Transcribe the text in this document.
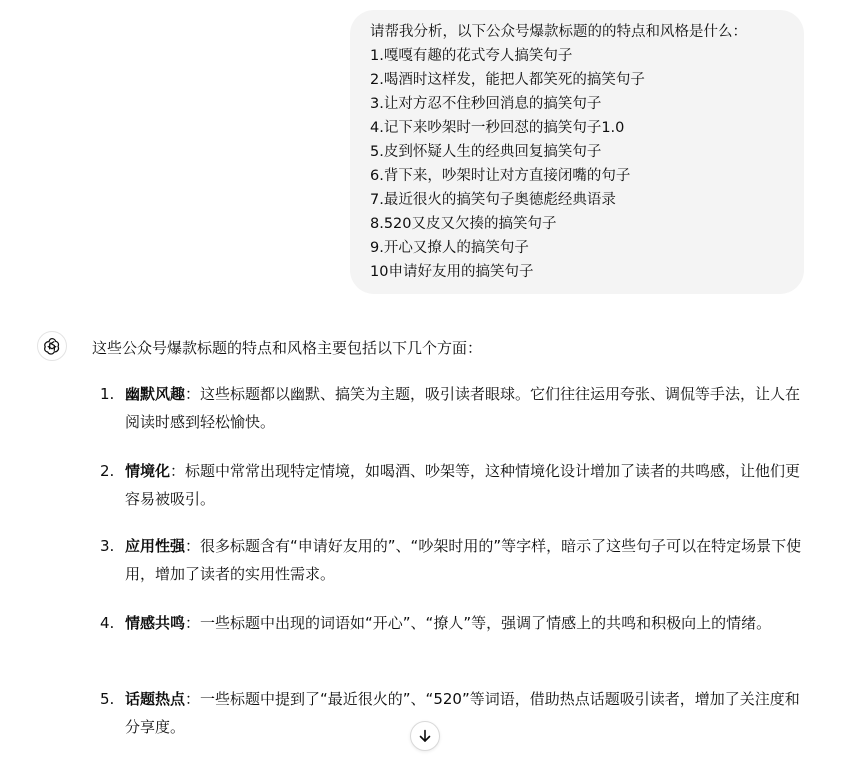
请帮我分析，以下公众号爆款标题的的特点和风格是什么：
1.嘎嘎有趣的花式夸人搞笑句子
2.喝酒时这样发，能把人都笑死的搞笑句子
3.让对方忍不住秒回消息的搞笑句子
4.记下来吵架时一秒回怼的搞笑句子1.0
5.皮到怀疑人生的经典回复搞笑句子
6.背下来，吵架时让对方直接闭嘴的句子
7.最近很火的搞笑句子奥德彪经典语录
8.520又皮又欠揍的搞笑句子
9.开心又撩人的搞笑句子
10申请好友用的搞笑句子
这些公众号爆款标题的特点和风格主要包括以下几个方面：
1. 幽默风趣：这些标题都以幽默、搞笑为主题，吸引读者眼球。它们往往运用夸张、调侃等手法，让人在阅读时感到轻松愉快。
2. 情境化：标题中常常出现特定情境，如喝酒、吵架等，这种情境化设计增加了读者的共鸣感，让他们更容易被吸引。
3. 应用性强：很多标题含有“申请好友用的”、“吵架时用的”等字样，暗示了这些句子可以在特定场景下使用，增加了读者的实用性需求。
4. 情感共鸣：一些标题中出现的词语如“开心”、“撩人”等，强调了情感上的共鸣和积极向上的情绪。
5. 话题热点：一些标题中提到了“最近很火的”、“520”等词语，借助热点话题吸引读者，增加了关注度和分享度。
